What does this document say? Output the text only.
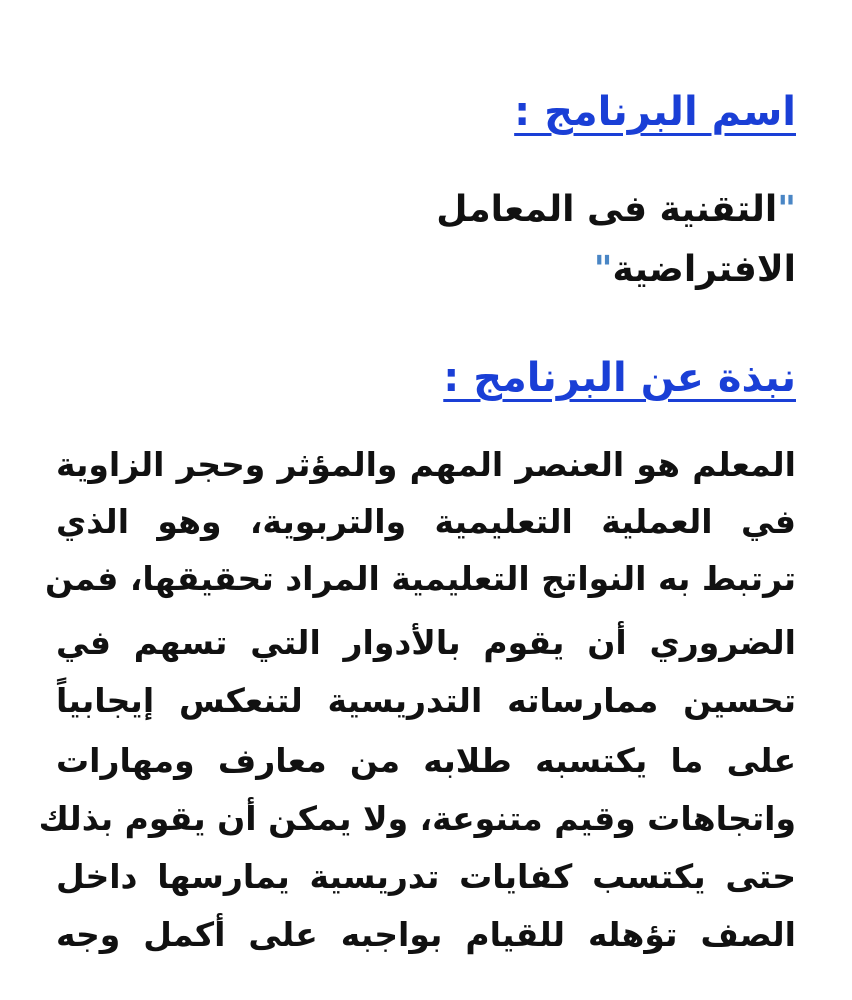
اسم البرنامج :
"التقنية فى المعامل
الافتراضية"
نبذة عن البرنامج :

المعلم هو العنصر المهم والمؤثر وحجر الزاوية

في العملية التعليمية والتربوية، وهو الذي

ترتبط به النواتج التعليمية المراد تحقيقها، فمن

الضروري أن يقوم بالأدوار التي تسهم في

تحسين ممارساته التدريسية لتنعكس إيجابياً

على ما يكتسبه طلابه من معارف ومهارات

واتجاهات وقيم متنوعة، ولا يمكن أن يقوم بذلك

حتى يكتسب كفايات تدريسية يمارسها داخل

الصف تؤهله للقيام بواجبه على أكمل وجه
